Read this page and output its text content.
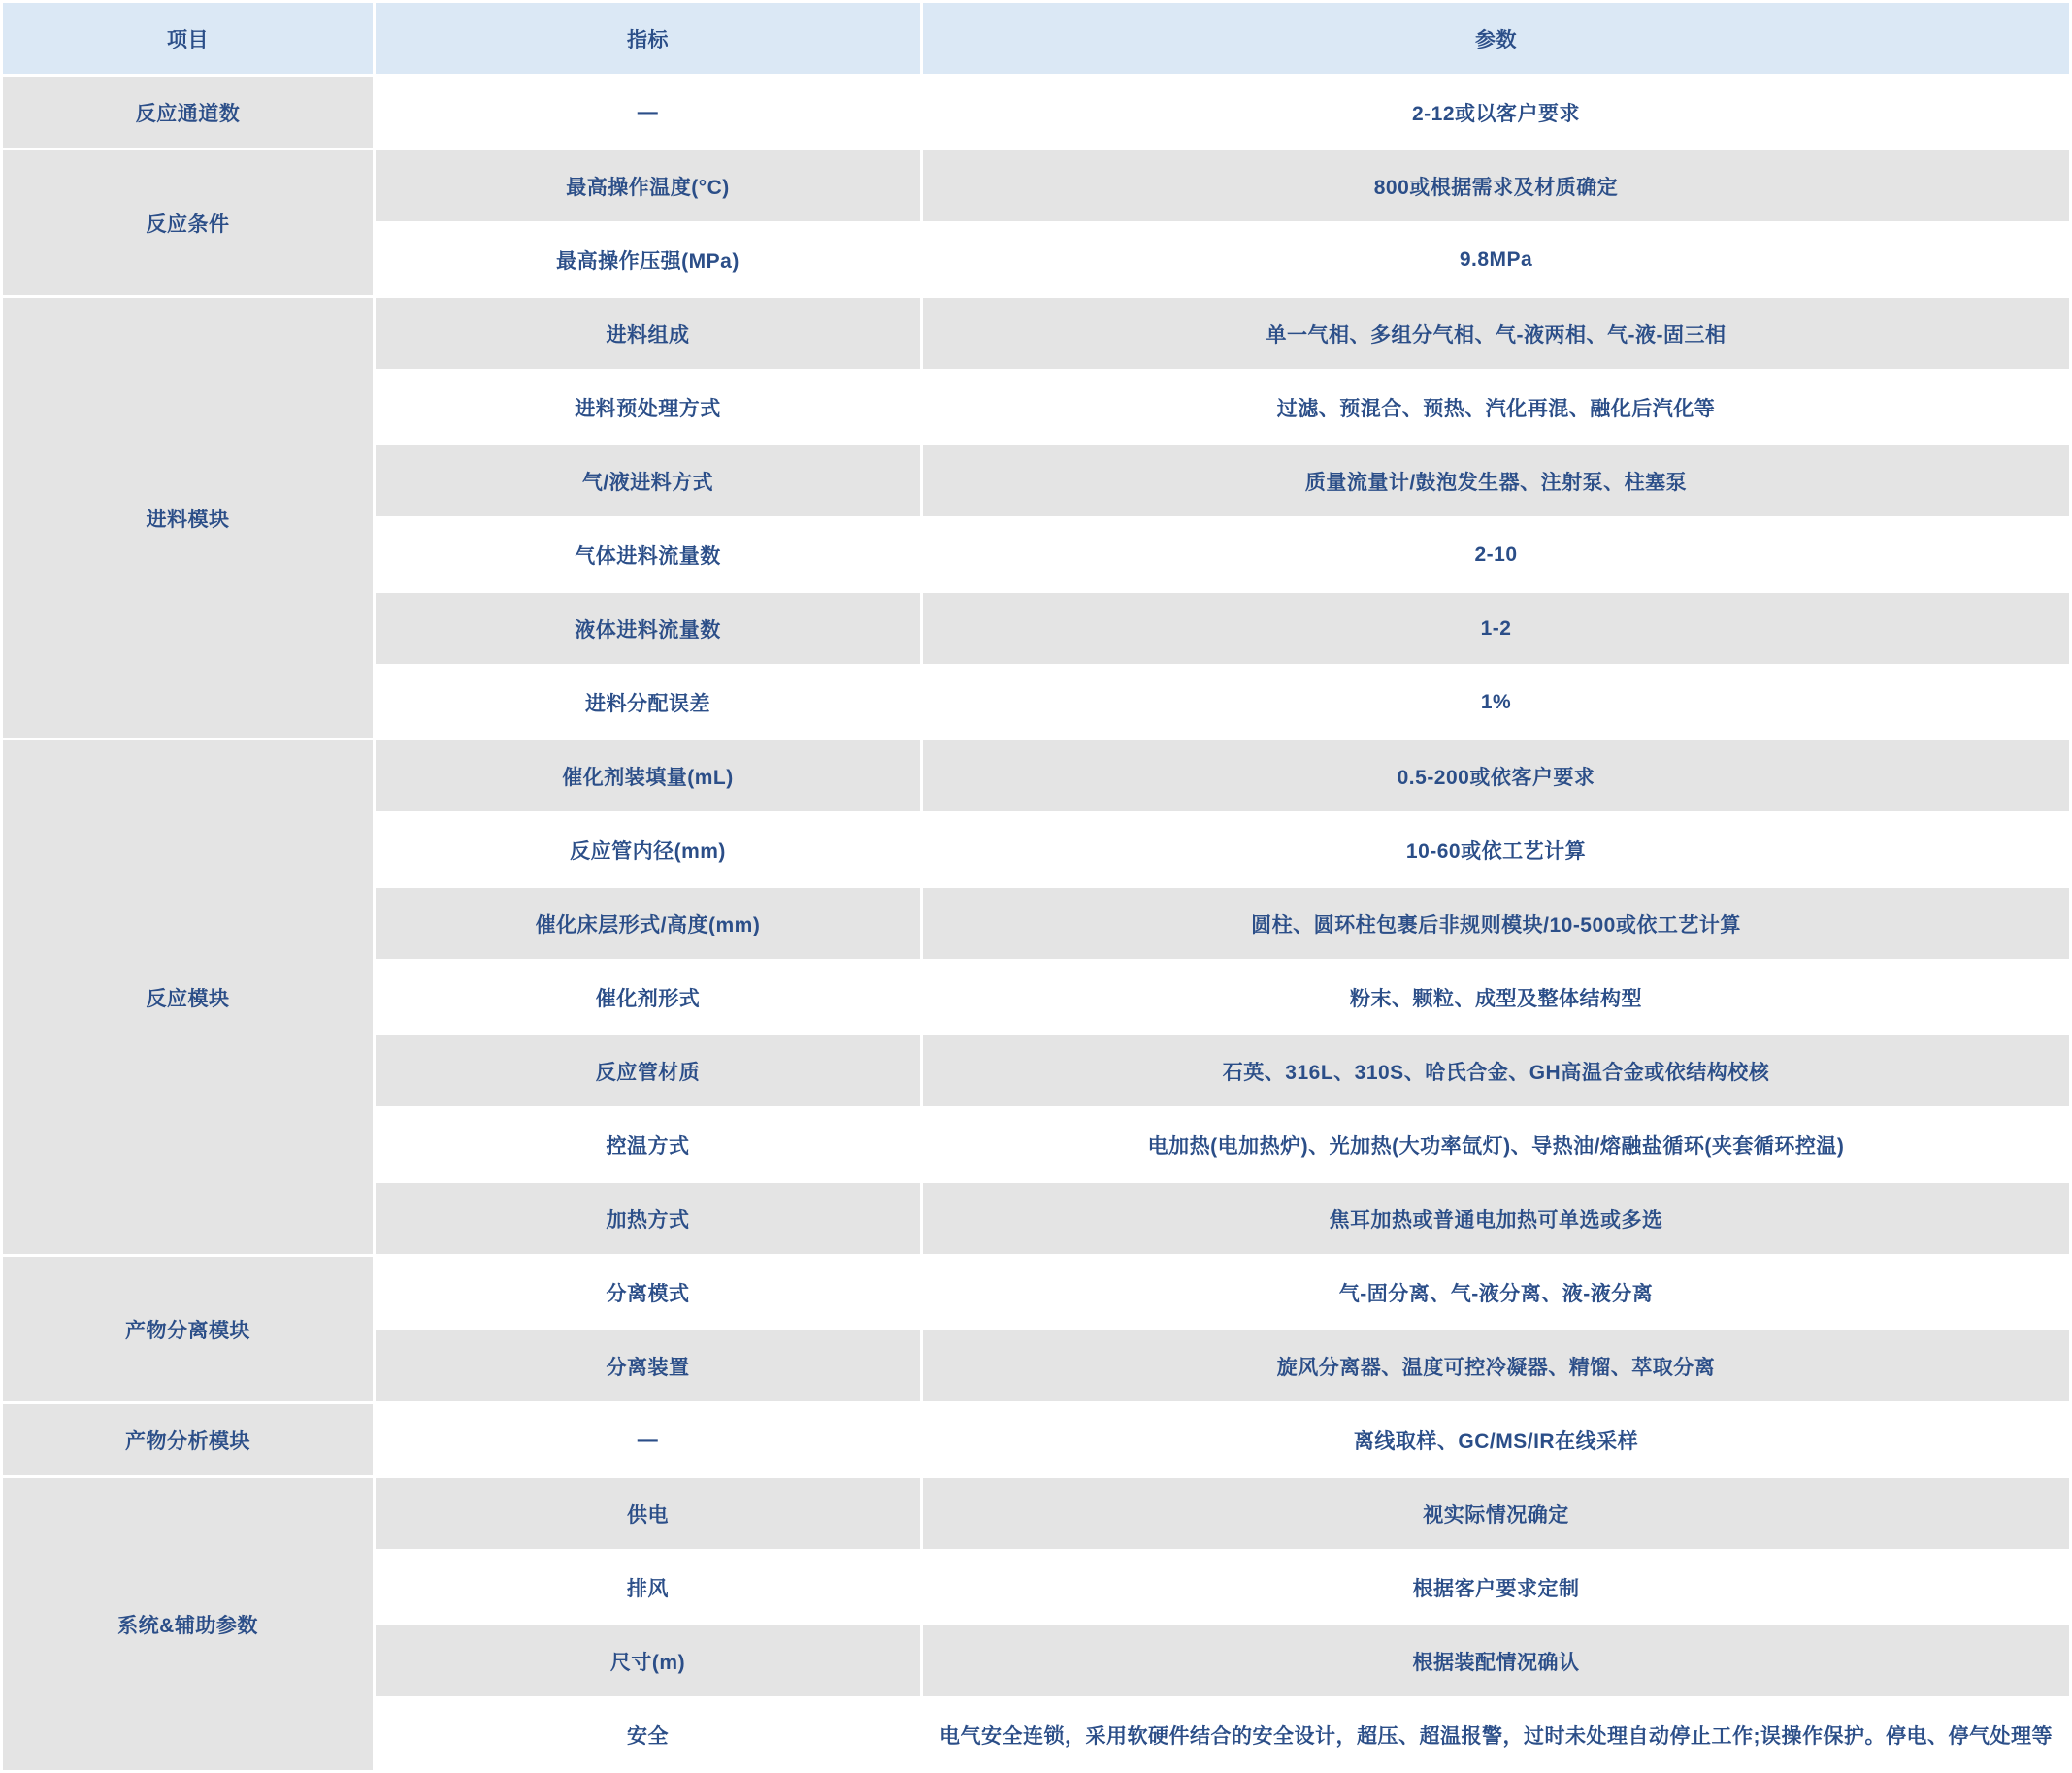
项目	指标	参数
反应通道数	—	2-12或以客户要求
反应条件	最高操作温度(°C)	800或根据需求及材质确定
	最高操作压强(MPa)	9.8MPa
进料模块	进料组成	单一气相、多组分气相、气-液两相、气-液-固三相
	进料预处理方式	过滤、预混合、预热、汽化再混、融化后汽化等
	气/液进料方式	质量流量计/鼓泡发生器、注射泵、柱塞泵
	气体进料流量数	2-10
	液体进料流量数	1-2
	进料分配误差	1%
反应模块	催化剂装填量(mL)	0.5-200或依客户要求
	反应管内径(mm)	10-60或依工艺计算
	催化床层形式/高度(mm)	圆柱、圆环柱包裹后非规则模块/10-500或依工艺计算
	催化剂形式	粉末、颗粒、成型及整体结构型
	反应管材质	石英、316L、310S、哈氏合金、GH高温合金或依结构校核
	控温方式	电加热(电加热炉)、光加热(大功率氙灯)、导热油/熔融盐循环(夹套循环控温)
	加热方式	焦耳加热或普通电加热可单选或多选
产物分离模块	分离模式	气-固分离、气-液分离、液-液分离
	分离装置	旋风分离器、温度可控冷凝器、精馏、萃取分离
产物分析模块	—	离线取样、GC/MS/IR在线采样
系统&辅助参数	供电	视实际情况确定
	排风	根据客户要求定制
	尺寸(m)	根据装配情况确认
	安全	电气安全连锁，采用软硬件结合的安全设计，超压、超温报警，过时未处理自动停止工作;误操作保护。停电、停气处理等
